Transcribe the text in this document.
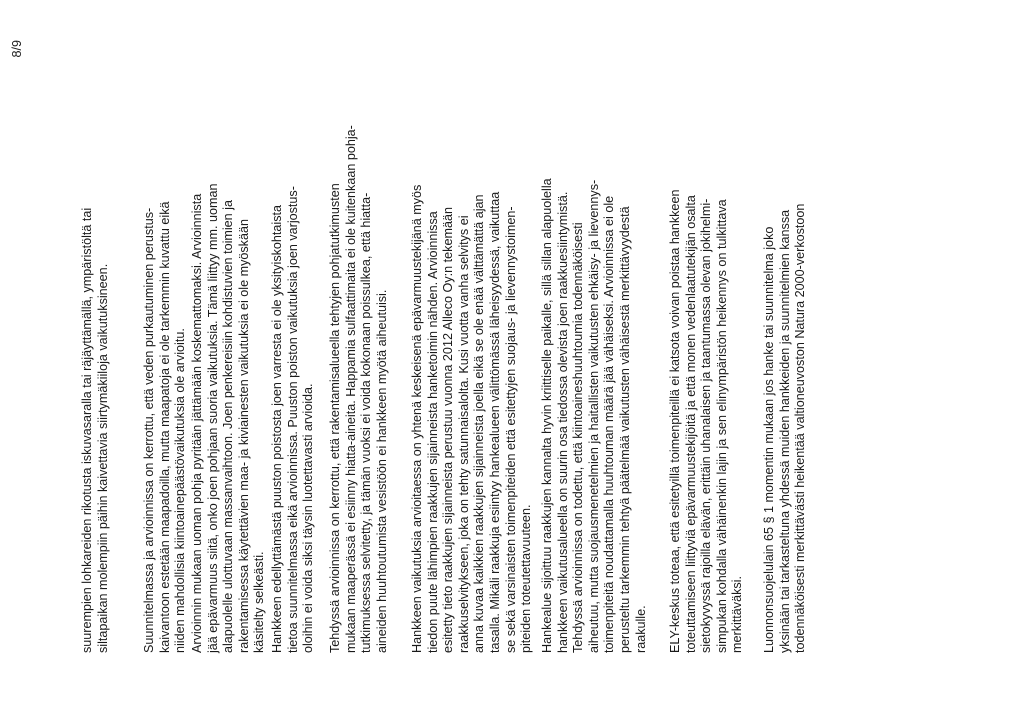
8/9

suurempien lohkareiden rikotusta iskuvasaralla tai räjäyttämällä, ympäristöltä tai siltapaikan molempiin päihin kaivettavia siirtymäkiiloja vaikutuksineen.	Suunnitelmassa ja arvioinnissa on kerrottu, että veden purkautuminen perustus- kaivantoon estetään maapadoilla, mutta maapatoja ei ole tarkemmin kuvattu eikä niiden mahdollisia kiintoainepäästövaikutuksia ole arvioitu. Arvioinnin mukaan uoman pohja pyritään jättämään koskemattomaksi. Arvioinnista jää epävarmuus siitä, onko joen pohjaan suoria vaikutuksia. Tämä liittyy mm. uoman alapuolelle ulottuvaan massanvaihtoon. Joen penkereisiin kohdistuvien toimien ja rakentamisessa käytettävien maa- ja kiviainesten vaikutuksia ei ole myöskään käsitelty selkeästi. Hankkeen edellyttämästä puuston poistosta joen varresta ei ole yksityiskohtaista tietoa suunnitelmassa eikä arvioinnissa. Puuston poiston vaikutuksia joen varjostus- oloihin ei voida siksi täysin luotettavasti arvioida. Tehdyssä arvioinnissa on kerrottu, että rakentamisalueella tehtyjen pohjatutkimusten mukaan maaperässä ei esiinny hiatta-aineita. Happamia sulfaattimaita ei ole kuitenkaan pohja- tutkimuksessa selvitetty, ja tämän vuoksi ei voida kokonaan poissulkea, että hiatta- aineiden huuhtoutumista vesistöön ei hankkeen myötä aiheutuisi. Hankkeen vaikutuksia arvioitaessa on yhtenä keskeisenä epävarmuustekijänä myös tiedon puute lähimpien raakkujen sijainneista hanketoimin nähden. Arvioinnissa esitetty tieto raakkujen sijainneista perustuu vuonna 2012 Alleco Oy:n tekemään raakkuselvitykseen, joka on tehty satunnaisalolta. Kusi vuotta vanha selvitys ei anna kuvaa kaikkien raakkujen sijainneista joella eikä se ole enää välttämättä ajan tasalla. Mikäli raakkuja esiintyy hankealueen välittömässä läheisyydessä, vaikuttaa se sekä varsinaisten toimenpiteiden että esitettyjen suojaus- ja lievennystoimen- piteiden toteutettavuuteen. Hankealue sijoittuu raakkujen kannalta hyvin kriittiselle paikalle, sillä sillan alapuolella hankkeen vaikutusalueella on suurin osa tiedossa olevista joen raakkuesiintymistä. Tehdyssä arvioinnissa on todettu, että kiintoaineshuuhtoumia todennäköisesti aiheutuu, mutta suojausmenetelmien ja haitallisten vaikutusten ehkäisy- ja lievennys- toimenpiteitä noudattamalla huuhtouman määrä jää vähäiseksi. Arvioinnissa ei ole perusteltu tarkemmin tehtyä päätelmää vaikutusten vähäisestä merkittävyydestä raakulle. ELY-keskus toteaa, että esitetyillä toimenpiteillä ei katsota voivan poistaa hankkeen toteuttamiseen liittyviä epävarmuustekijöitä ja että monen vedenlaatutekijän osalta sietokyvyssä rajoilla elävän, erittäin uhanalaisen ja taantumassa olevan jokihelmi- simpukan kohdalla vähäinenkin lajin ja sen elinympäristön heikennys on tulkittava merkittäväksi. Luonnonsuojelulain 65 § 1 momentin mukaan jos hanke tai suunnitelma joko yksinään tai tarkasteltuna yhdessä muiden hankkeiden ja suunnitelmien kanssa todennäköisesti merkittävästi heikentää valtioneuvoston Natura 2000-verkostoon
